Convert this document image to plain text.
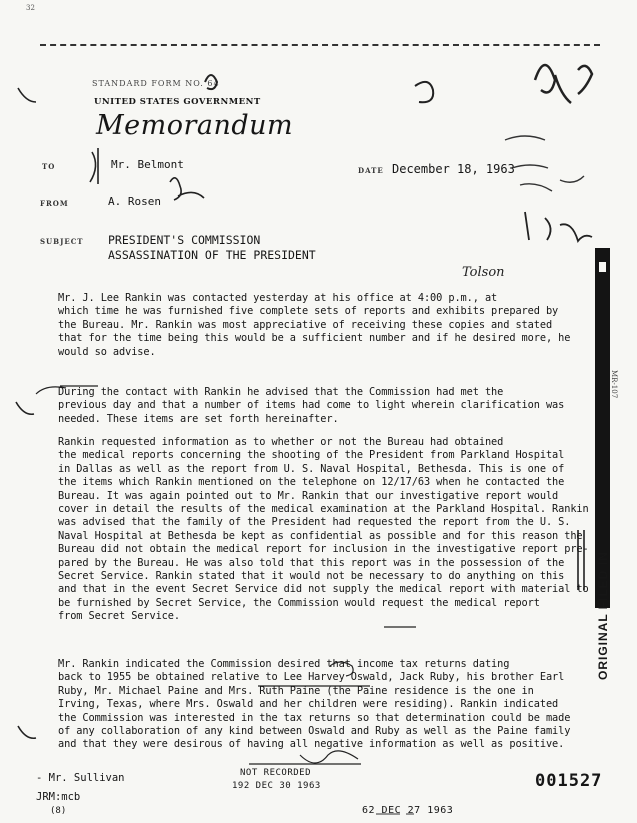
32
STANDARD FORM NO. 64
UNITED STATES GOVERNMENT
Memorandum
TO	Mr. Belmont	DATE December 18, 1963
FROM	A. Rosen
SUBJECT PRESIDENT'S COMMISSION
ASSASSINATION OF THE PRESIDENT
Tolson

Mr. J. Lee Rankin was contacted yesterday at his office at 4:00 p.m., at

which time he was furnished five complete sets of reports and exhibits prepared by

the Bureau. Mr. Rankin was most appreciative of receiving these copies and stated

that for the time being this would be a sufficient number and if he desired more, he

would so advise.

During the contact with Rankin he advised that the Commission had met the

previous day and that a number of items had come to light wherein clarification was

needed. These items are set forth hereinafter.

Rankin requested information as to whether or not the Bureau had obtained

the medical reports concerning the shooting of the President from Parkland Hospital

in Dallas as well as the report from U. S. Naval Hospital, Bethesda. This is one of

the items which Rankin mentioned on the telephone on 12/17/63 when he contacted the

Bureau. It was again pointed out to Mr. Rankin that our investigative report would

cover in detail the results of the medical examination at the Parkland Hospital. Rankin

was advised that the family of the President had requested the report from the U. S.

Naval Hospital at Bethesda be kept as confidential as possible and for this reason the

Bureau did not obtain the medical report for inclusion in the investigative report pre-

pared by the Bureau. He was also told that this report was in the possession of the

Secret Service. Rankin stated that it would not be necessary to do anything on this

and that in the event Secret Service did not supply the medical report with material to

be furnished by Secret Service, the Commission would request the medical report

from Secret Service.

Mr. Rankin indicated the Commission desired that income tax returns dating

back to 1955 be obtained relative to Lee Harvey Oswald, Jack Ruby, his brother Earl

Ruby, Mr. Michael Paine and Mrs. Ruth Paine (the Paine residence is the one in

Irving, Texas, where Mrs. Oswald and her children were residing). Rankin indicated

the Commission was interested in the tax returns so that determination could be made

of any collaboration of any kind between Oswald and Ruby as well as the Paine family

and that they were desirous of having all negative information as well as positive.

ORIGINAL FILED IN
MR-107
- Mr. Sullivan
JRM:mcb
(8)
NOT RECORDED
192 DEC 30 1963
62 DEC 27 1963
001527
